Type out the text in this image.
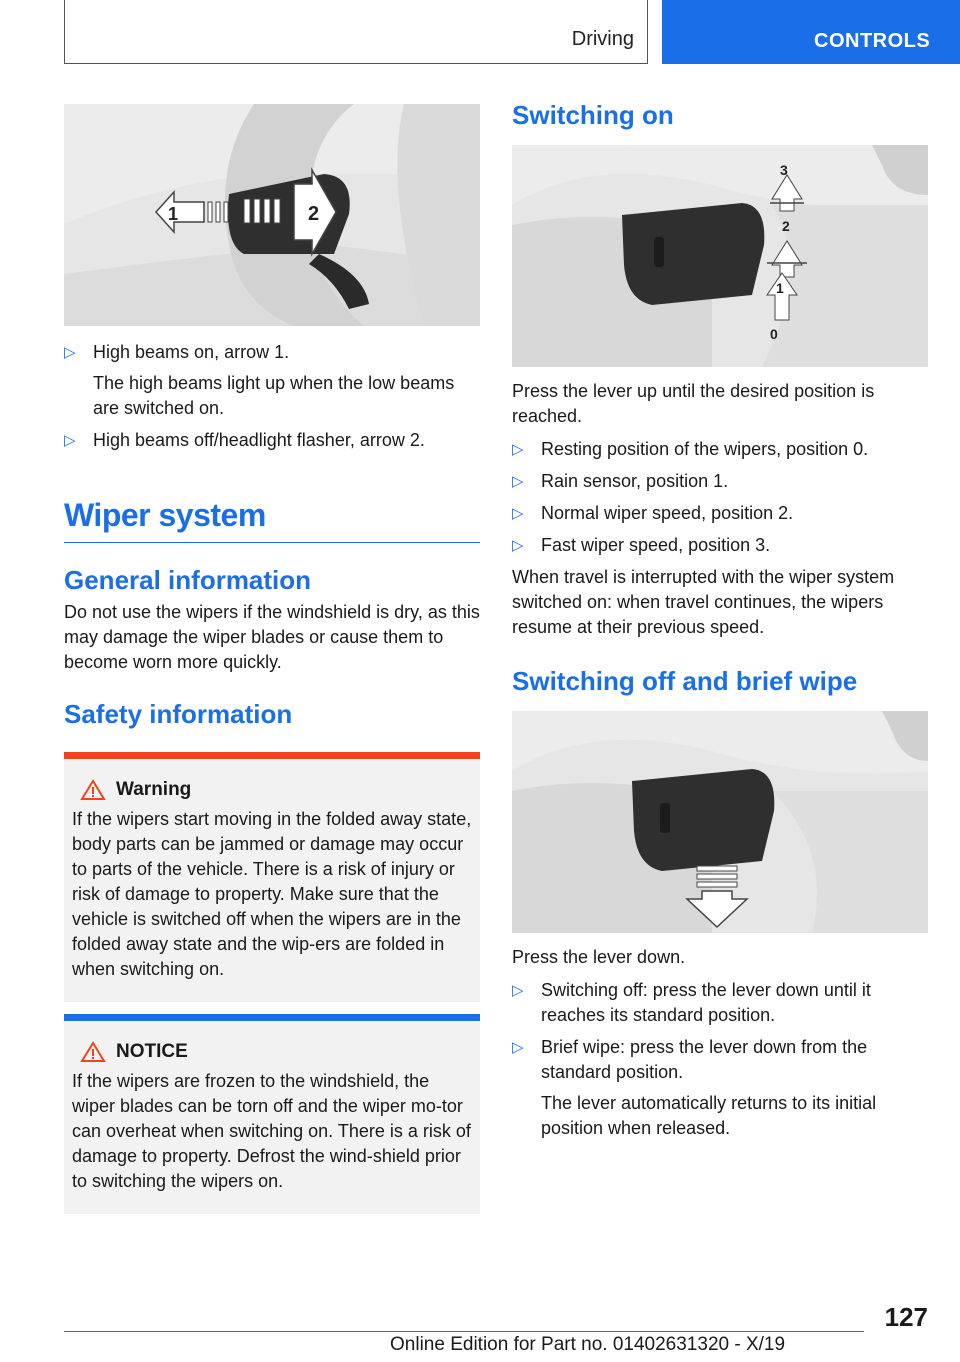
Driving	CONTROLS
1	2
▷ High beams on, arrow 1.
The high beams light up when the low beams are switched on.
▷ High beams off/headlight flasher, arrow 2.
Wiper system
General information

Do not use the wipers if the windshield is dry, as this may damage the wiper blades or cause them to become worn more quickly.

Safety information
Warning

If the wipers start moving in the folded away state, body parts can be jammed or damage may occur to parts of the vehicle. There is a risk of injury or risk of damage to property. Make sure that the vehicle is switched off when the wipers are in the folded away state and the wip-ers are folded in when switching on.

NOTICE

If the wipers are frozen to the windshield, the wiper blades can be torn off and the wiper mo-tor can overheat when switching on. There is a risk of damage to property. Defrost the wind-shield prior to switching the wipers on.

Switching on
3
2
1
0

Press the lever up until the desired position is reached.

▷ Resting position of the wipers, position 0.
▷ Rain sensor, position 1.
▷ Normal wiper speed, position 2.
▷ Fast wiper speed, position 3.

When travel is interrupted with the wiper system switched on: when travel continues, the wipers resume at their previous speed.

Switching off and brief wipe

Press the lever down.

▷ Switching off: press the lever down until it reaches its standard position.
▷ Brief wipe: press the lever down from the standard position.
The lever automatically returns to its initial position when released.
127
Online Edition for Part no. 01402631320 - X/19
